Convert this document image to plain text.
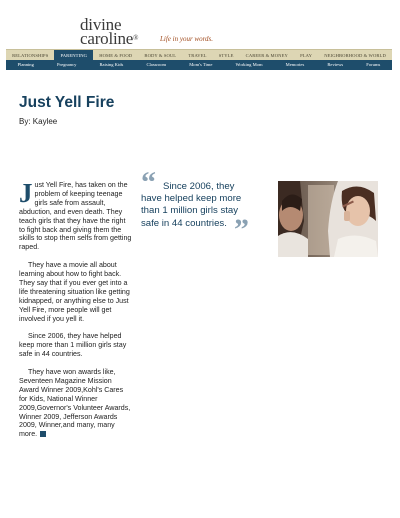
divine
caroline®	Life in your words.
RELATIONSHIPS	PARENTING	HOME & FOOD	BODY & SOUL	TRAVEL	STYLE	CAREER & MONEY	PLAY	NEIGHBORHOOD & WORLD
Planning	Pregnancy	Raising Kids	Classroom	Mom's Time	Working Mom	Memories	Reviews	Forums
Just Yell Fire
By: Kaylee

Just Yell Fire, has taken on the problem of keeping teenage girls safe from assault, abduction, and even death. They teach girls that they have the right to fight back and giving them the skills to stop them selfs from getting raped.

They have a movie all about learning about how to fight back. They say that if you ever get into a life threatening situation like getting kidnapped, or anything else to Just Yell Fire, more people will get involved if you yell it.

Since 2006, they have helped keep more than 1 million girls stay safe in 44 countries.

They have won awards like, Seventeen Magazine Mission Award Winner 2009,Kohl's Cares for Kids, National Winner 2009,Governor's Volunteer Awards, Winner 2009, Jefferson Awards 2009, Winner,and many, many more.

“ Since 2006, they have helped keep more than 1 million girls stay safe in 44 countries. ”
